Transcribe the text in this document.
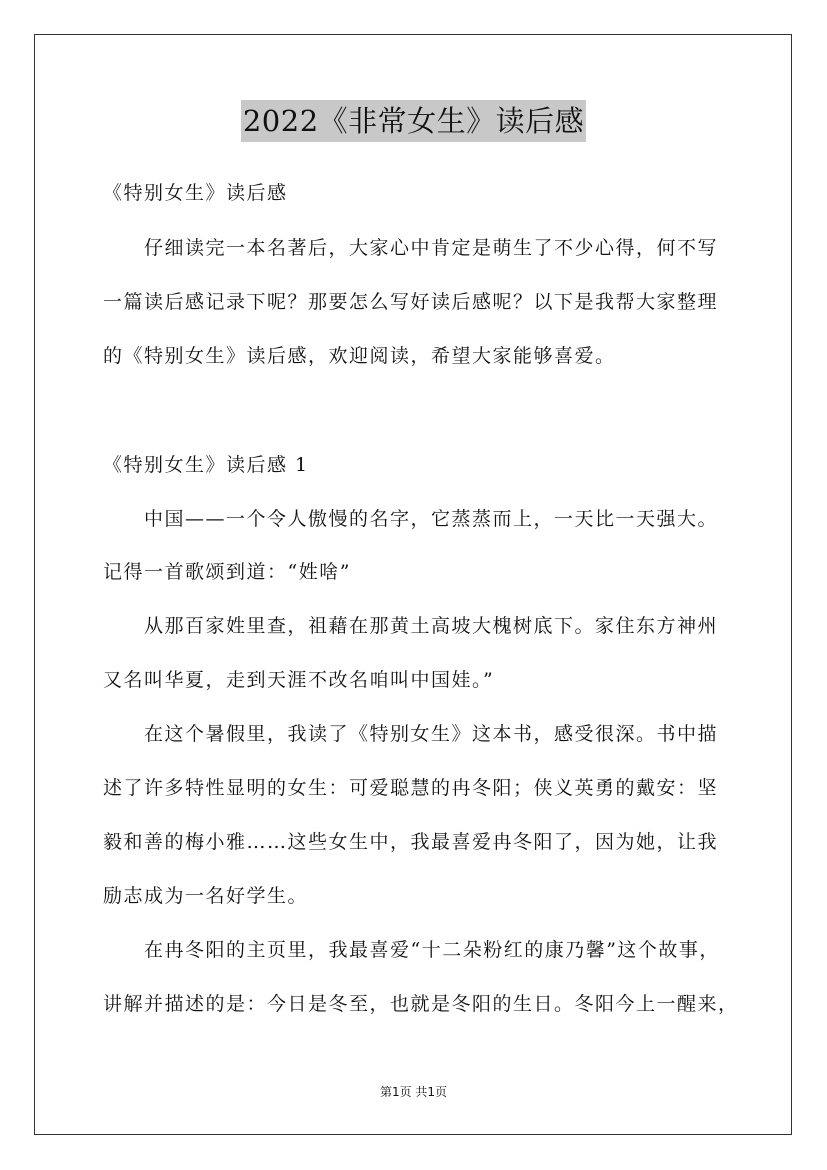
2022《非常女生》读后感
《特别女生》读后感
仔细读完一本名著后，大家心中肯定是萌生了不少心得，何不写
一篇读后感记录下呢？那要怎么写好读后感呢？以下是我帮大家整理
的《特别女生》读后感，欢迎阅读，希望大家能够喜爱。
《特别女生》读后感 1
中国——一个令人傲慢的名字，它蒸蒸而上，一天比一天强大。
记得一首歌颂到道：“姓啥”
从那百家姓里查，祖藉在那黄土高坡大槐树底下。家住东方神州
又名叫华夏，走到天涯不改名咱叫中国娃。”
在这个暑假里，我读了《特别女生》这本书，感受很深。书中描
述了许多特性显明的女生：可爱聪慧的冉冬阳；侠义英勇的戴安：坚
毅和善的梅小雅……这些女生中，我最喜爱冉冬阳了，因为她，让我
励志成为一名好学生。
在冉冬阳的主页里，我最喜爱“十二朵粉红的康乃馨”这个故事，
讲解并描述的是：今日是冬至，也就是冬阳的生日。冬阳今上一醒来，
第1页 共1页
